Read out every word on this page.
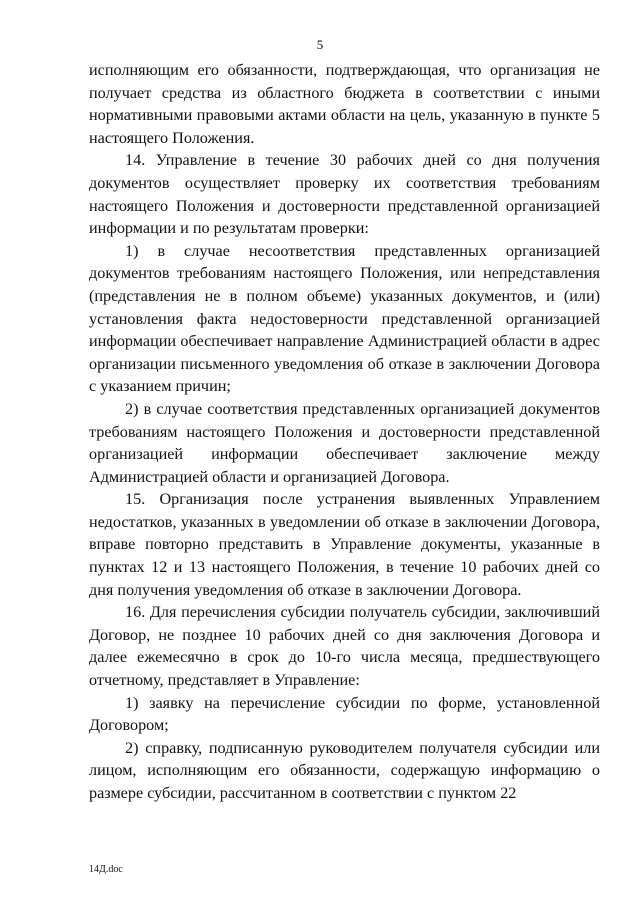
5

исполняющим его обязанности, подтверждающая, что организация не получает средства из областного бюджета в соответствии с иными нормативными правовыми актами области на цель, указанную в пункте 5 настоящего Положения.

14. Управление в течение 30 рабочих дней со дня получения документов осуществляет проверку их соответствия требованиям настоящего Положения и достоверности представленной организацией информации и по результатам проверки:

1) в случае несоответствия представленных организацией документов требованиям настоящего Положения, или непредставления (представления не в полном объеме) указанных документов, и (или) установления факта недостоверности представленной организацией информации обеспечивает направление Администрацией области в адрес организации письменного уведомления об отказе в заключении Договора с указанием причин;

2) в случае соответствия представленных организацией документов требованиям настоящего Положения и достоверности представленной организацией информации обеспечивает заключение между Администрацией области и организацией Договора.

15. Организация после устранения выявленных Управлением недостатков, указанных в уведомлении об отказе в заключении Договора, вправе повторно представить в Управление документы, указанные в пунктах 12 и 13 настоящего Положения, в течение 10 рабочих дней со дня получения уведомления об отказе в заключении Договора.

16. Для перечисления субсидии получатель субсидии, заключивший Договор, не позднее 10 рабочих дней со дня заключения Договора и далее ежемесячно в срок до 10-го числа месяца, предшествующего отчетному, представляет в Управление:

1) заявку на перечисление субсидии по форме, установленной Договором;

2) справку, подписанную руководителем получателя субсидии или лицом, исполняющим его обязанности, содержащую информацию о размере субсидии, рассчитанном в соответствии с пунктом 22

14Д.doc
